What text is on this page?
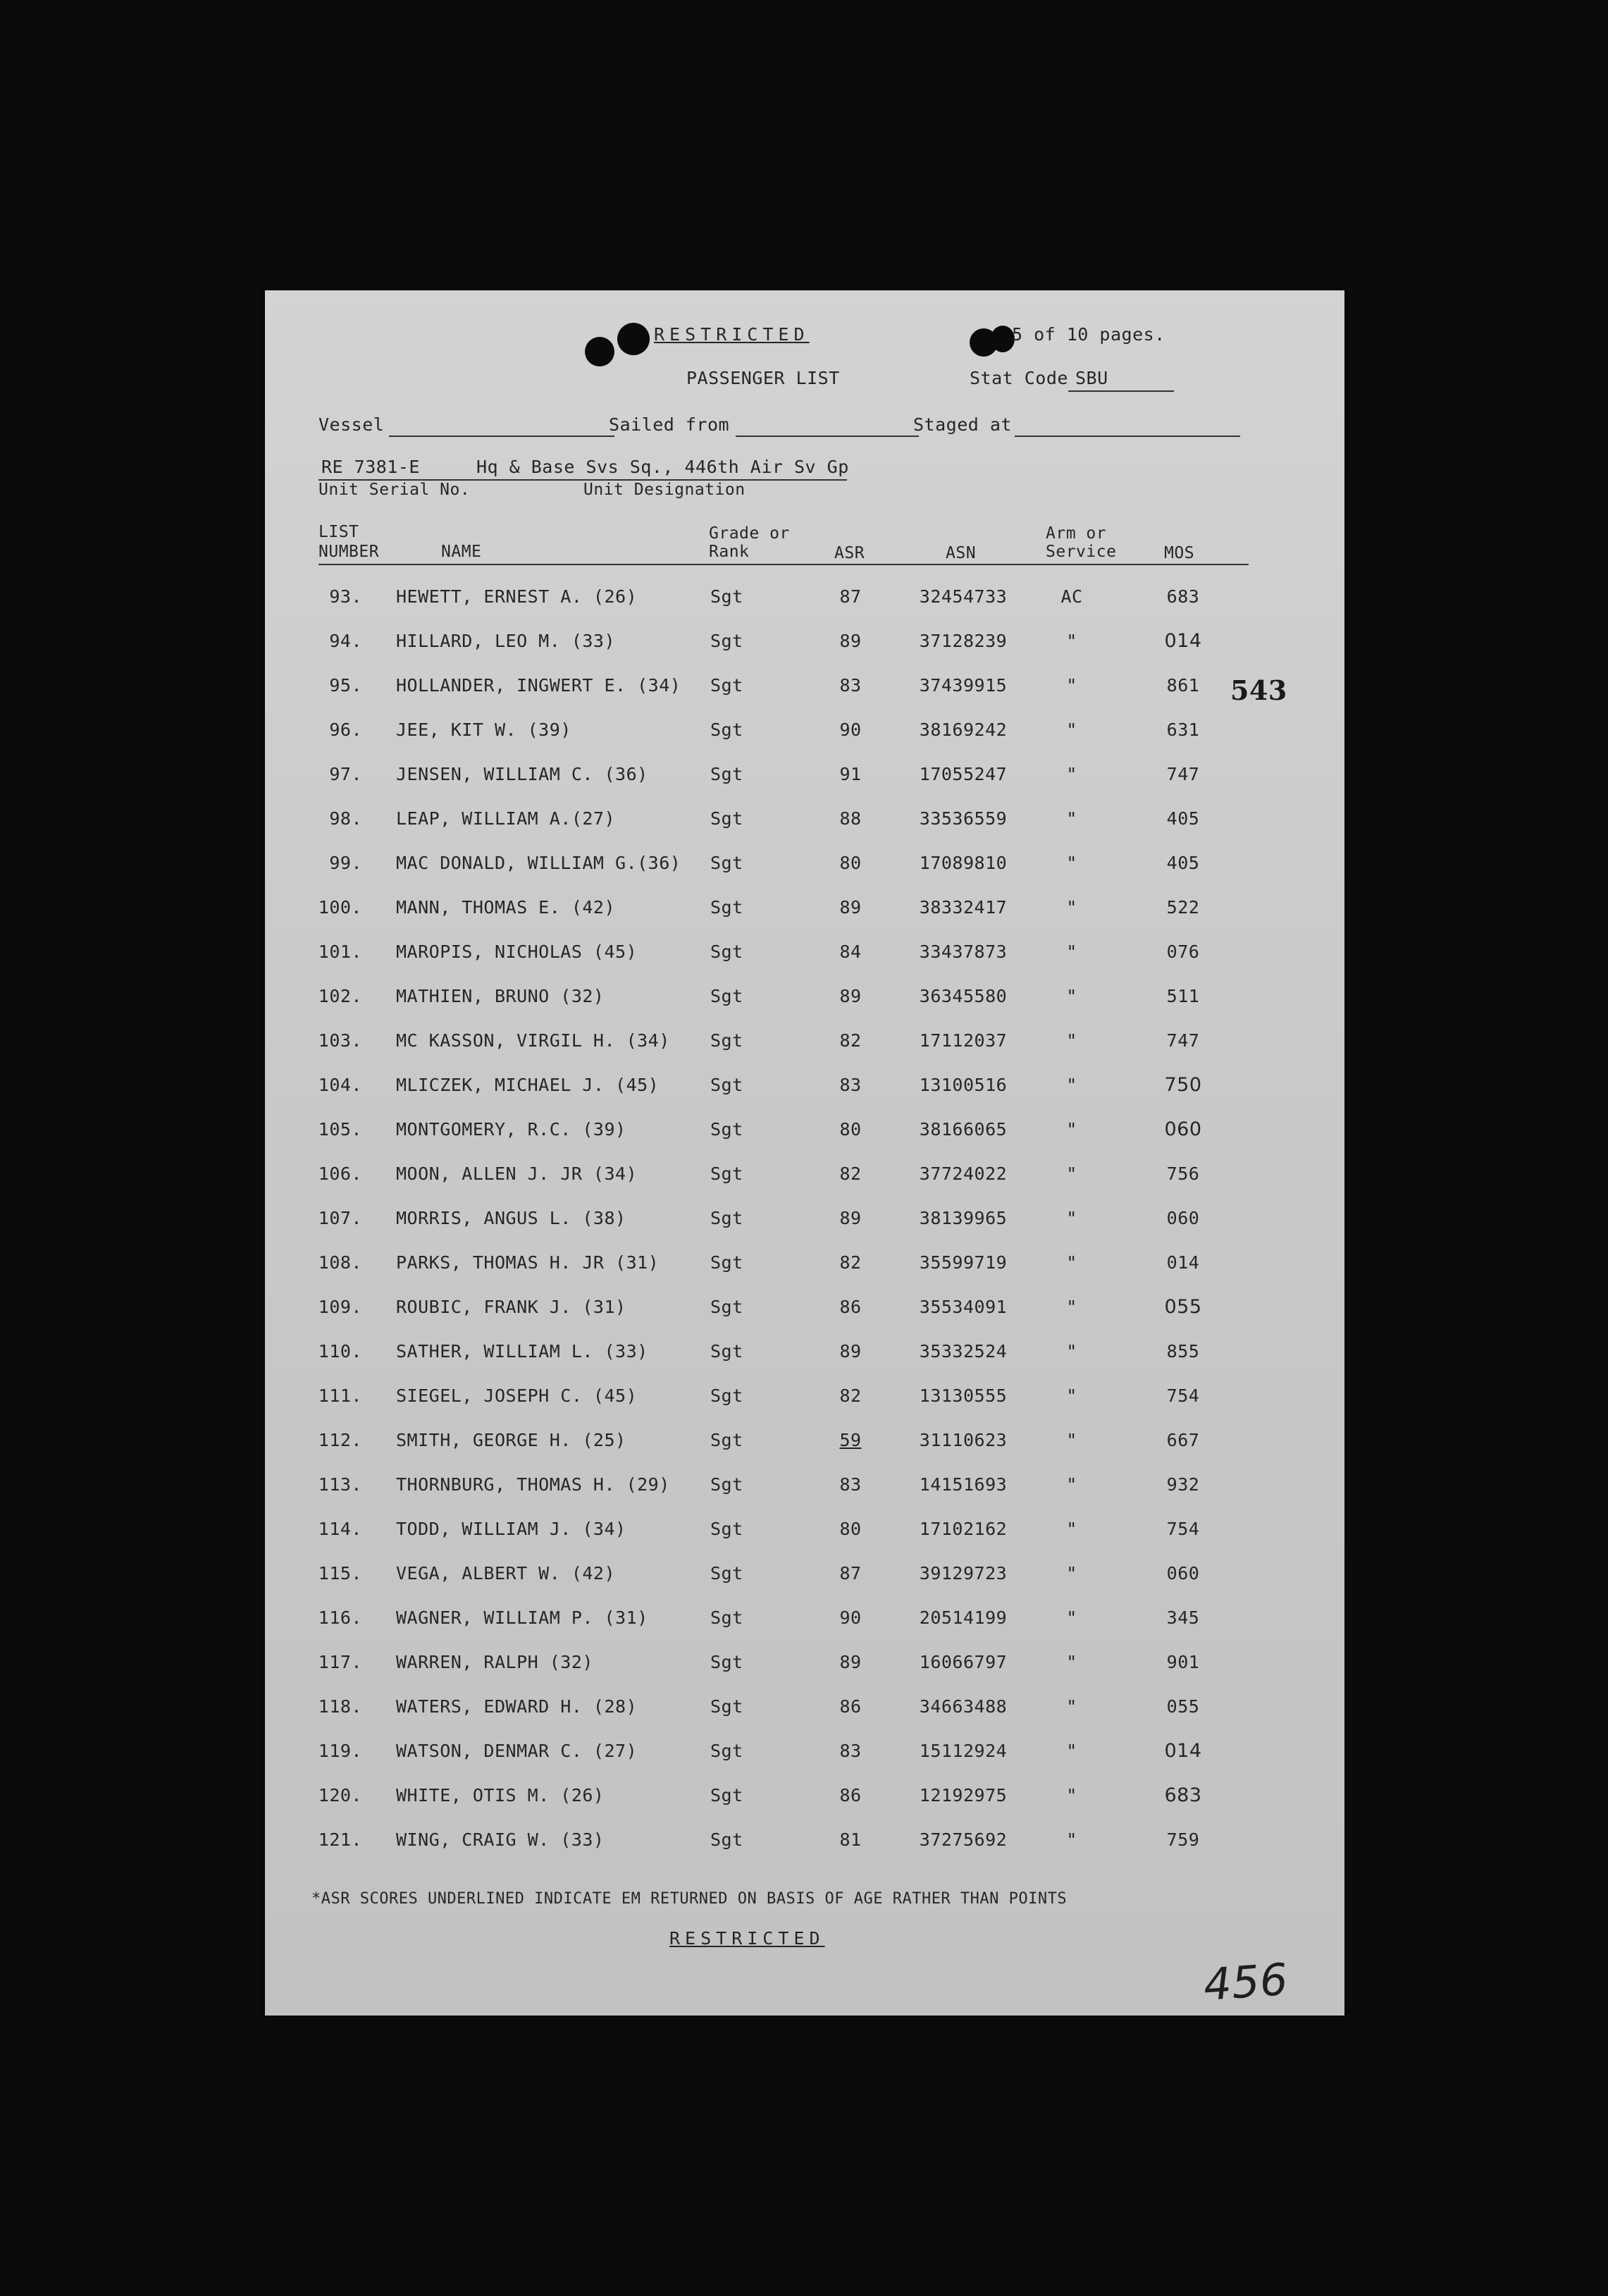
RESTRICTED	5 of 10 pages.
PASSENGER LIST	Stat Code SBU
Vessel	Sailed from	Staged at
RE 7381-E	Hq & Base Svs Sq., 446th Air Sv Gp
Unit Serial No.	Unit Designation
LIST
NUMBER	NAME
Grade or
Rank	ASR	ASN
Arm or
Service	MOS
93. HEWETT, ERNEST A. (26)	Sgt	87	32454733	AC	683
94. HILLARD, LEO M. (33)	Sgt	89	37128239	"	014
95. HOLLANDER, INGWERT E. (34) Sgt	83	37439915	"	861
96. JEE, KIT W. (39)	Sgt	90	38169242	"	631
97. JENSEN, WILLIAM C. (36)	Sgt	91	17055247	"	747
98. LEAP, WILLIAM A.(27)	Sgt	88	33536559	"	405
99. MAC DONALD, WILLIAM G.(36) Sgt	80	17089810	"	405
100. MANN, THOMAS E. (42)	Sgt	89	38332417	"	522
101. MAROPIS, NICHOLAS (45)	Sgt	84	33437873	"	076
102. MATHIEN, BRUNO (32)	Sgt	89	36345580	"	511
103. MC KASSON, VIRGIL H. (34) Sgt	82	17112037	"	747
104. MLICZEK, MICHAEL J. (45)	Sgt	83	13100516	"	750
105. MONTGOMERY, R.C. (39)	Sgt	80	38166065	"	060
106. MOON, ALLEN J. JR (34)	Sgt	82	37724022	"	756
107. MORRIS, ANGUS L. (38)	Sgt	89	38139965	"	060
108. PARKS, THOMAS H. JR (31)	Sgt	82	35599719	"	014
109. ROUBIC, FRANK J. (31)	Sgt	86	35534091	"	055
110. SATHER, WILLIAM L. (33)	Sgt	89	35332524	"	855
111. SIEGEL, JOSEPH C. (45)	Sgt	82	13130555	"	754
112. SMITH, GEORGE H. (25)	Sgt	59	31110623	"	667
113. THORNBURG, THOMAS H. (29) Sgt	83	14151693	"	932
114. TODD, WILLIAM J. (34)	Sgt	80	17102162	"	754
115. VEGA, ALBERT W. (42)	Sgt	87	39129723	"	060
116. WAGNER, WILLIAM P. (31)	Sgt	90	20514199	"	345
117. WARREN, RALPH (32)	Sgt	89	16066797	"	901
118. WATERS, EDWARD H. (28)	Sgt	86	34663488	"	055
119. WATSON, DENMAR C. (27)	Sgt	83	15112924	"	014
120. WHITE, OTIS M. (26)	Sgt	86	12192975	"	683
121. WING, CRAIG W. (33)	Sgt	81	37275692	"	759
*ASR SCORES UNDERLINED INDICATE EM RETURNED ON BASIS OF AGE RATHER THAN POINTS
RESTRICTED
543
456
